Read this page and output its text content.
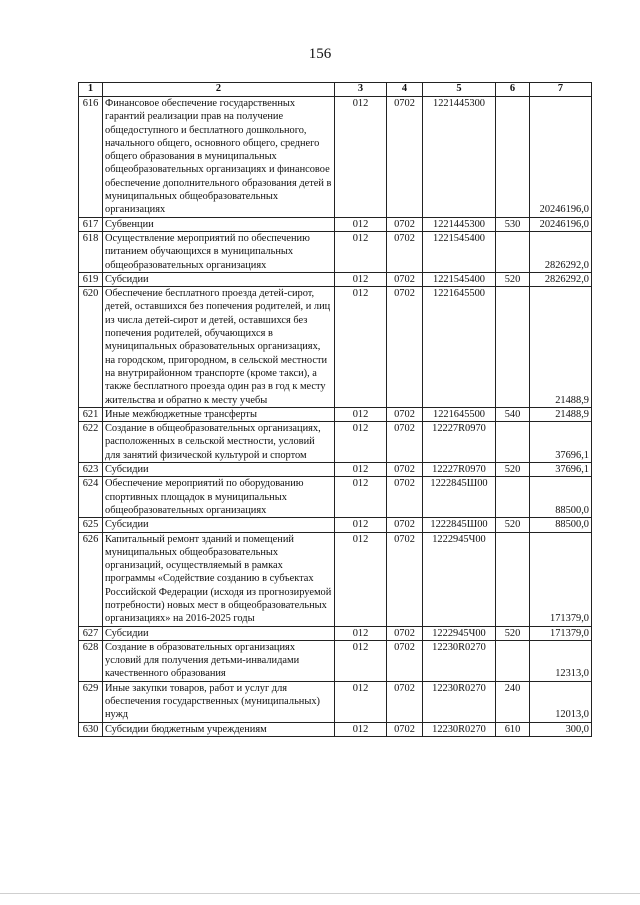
156
1	2	3	4	5	6	7
616	Финансовое обеспечение государственных гарантий реализации прав на получение общедоступного и бесплатного дошкольного, начального общего, основного общего, среднего общего образования в муниципальных общеобразовательных организациях и финансовое обеспечение дополнительного образования детей в муниципальных общеобразовательных организациях	012	0702	1221445300		20246196,0
617	Субвенции	012	0702	1221445300	530	20246196,0
618	Осуществление мероприятий по обеспечению питанием обучающихся в муниципальных общеобразовательных организациях	012	0702	1221545400		2826292,0
619	Субсидии	012	0702	1221545400	520	2826292,0
620	Обеспечение бесплатного проезда детей-сирот, детей, оставшихся без попечения родителей, и лиц из числа детей-сирот и детей, оставшихся без попечения родителей, обучающихся в муниципальных образовательных организациях, на городском, пригородном, в сельской местности на внутрирайонном транспорте (кроме такси), а также бесплатного проезда один раз в год к месту жительства и обратно к месту учебы	012	0702	1221645500		21488,9
621	Иные межбюджетные трансферты	012	0702	1221645500	540	21488,9
622	Создание в общеобразовательных организациях, расположенных в сельской местности, условий для занятий физической культурой и спортом	012	0702	12227R0970		37696,1
623	Субсидии	012	0702	12227R0970	520	37696,1
624	Обеспечение мероприятий по оборудованию спортивных площадок в муниципальных общеобразовательных организациях	012	0702	1222845Ш00		88500,0
625	Субсидии	012	0702	1222845Ш00	520	88500,0
626	Капитальный ремонт зданий и помещений муниципальных общеобразовательных организаций, осуществляемый в рамках программы «Содействие созданию в субъектах Российской Федерации (исходя из прогнозируемой потребности) новых мест в общеобразовательных организациях» на 2016-2025 годы	012	0702	1222945Ч00		171379,0
627	Субсидии	012	0702	1222945Ч00	520	171379,0
628	Создание в образовательных организациях условий для получения детьми-инвалидами качественного образования	012	0702	12230R0270		12313,0
629	Иные закупки товаров, работ и услуг для обеспечения государственных (муниципальных) нужд	012	0702	12230R0270	240	12013,0
630	Субсидии бюджетным учреждениям	012	0702	12230R0270	610	300,0
